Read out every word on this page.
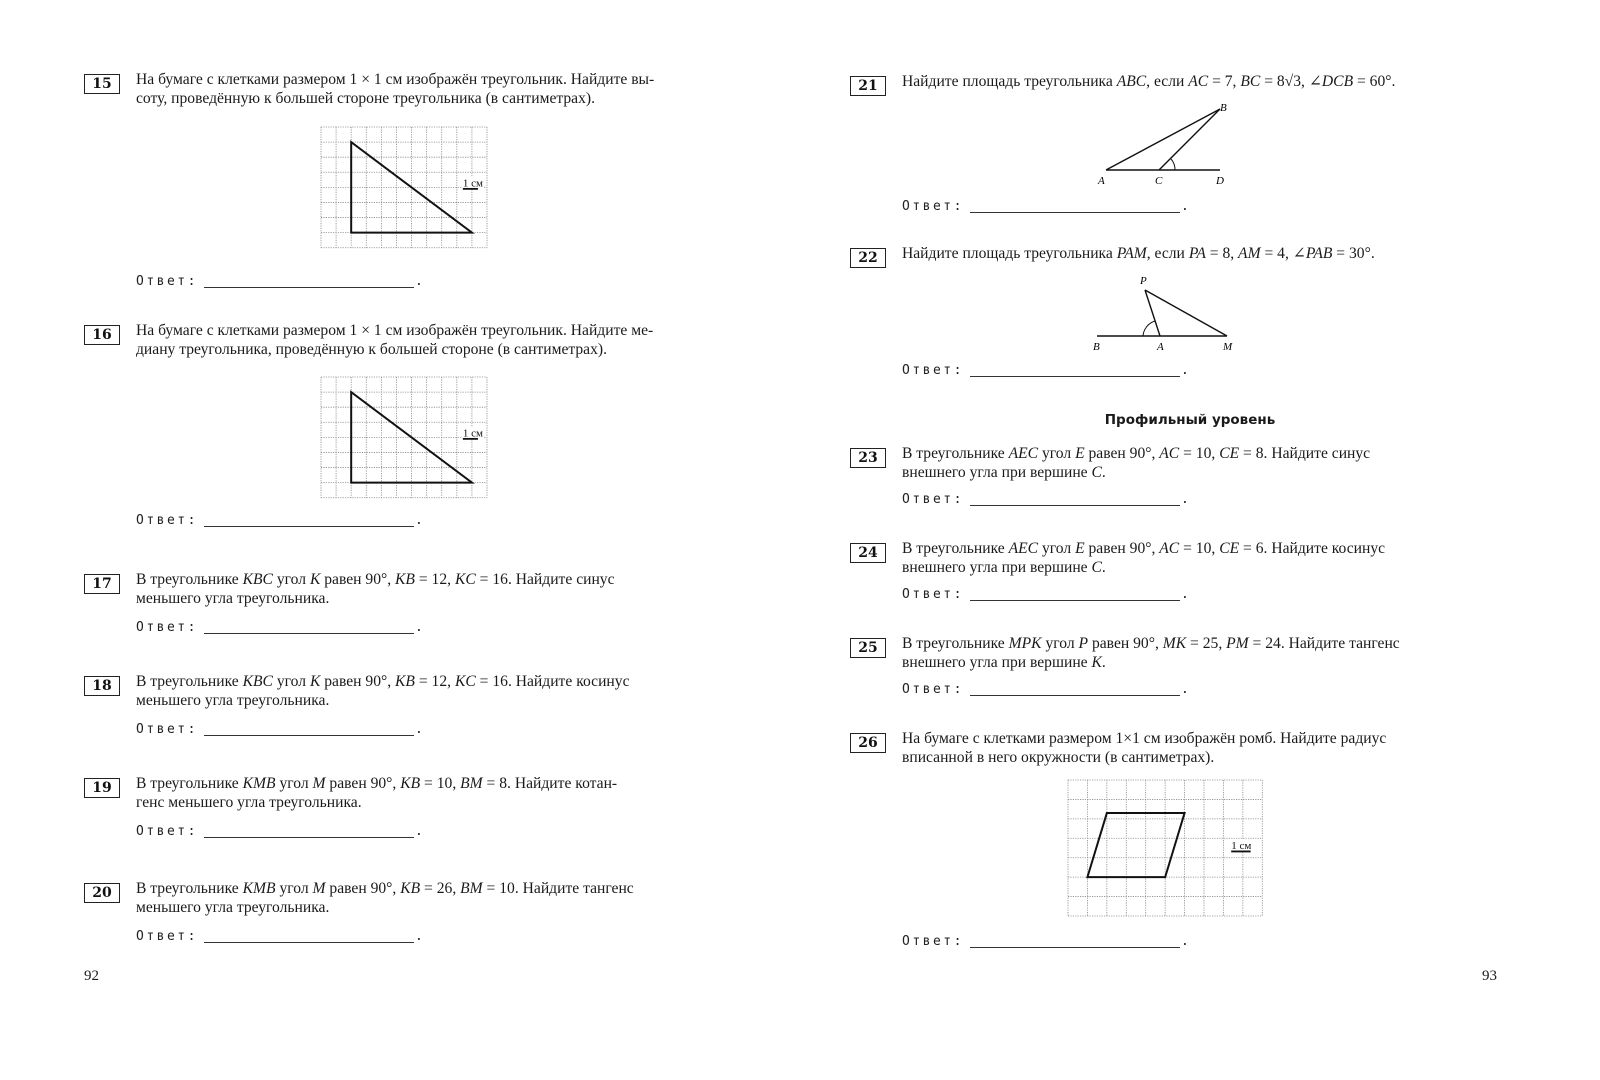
15	На бумаге с клетками размером 1 × 1 см изображён треугольник. Найдите вы-
соту, проведённую к большей стороне треугольника (в сантиметрах).
1 см
Ответ:	.
16	На бумаге с клетками размером 1 × 1 см изображён треугольник. Найдите ме-
диану треугольника, проведённую к большей стороне (в сантиметрах).
1 см
Ответ:	.
17	В треугольнике KBC угол K равен 90°, KB = 12, KC = 16. Найдите синус
меньшего угла треугольника.
Ответ:	.
18	В треугольнике KBC угол K равен 90°, KB = 12, KC = 16. Найдите косинус
меньшего угла треугольника.
Ответ:	.
19	В треугольнике KMB угол M равен 90°, KB = 10, BM = 8. Найдите котан-
генс меньшего угла треугольника.
Ответ:	.
20	В треугольнике KMB угол M равен 90°, KB = 26, BM = 10. Найдите тангенс
меньшего угла треугольника.
Ответ:	.
92
21	Найдите площадь треугольника ABC, если AC = 7, BC = 8√3, ∠DCB = 60°.
A	C	D
B
Ответ:	.
22	Найдите площадь треугольника PAM, если PA = 8, AM = 4, ∠PAB = 30°.
P
B	A	M
Ответ:	.
Профильный уровень
23	В треугольнике AEC угол E равен 90°, AC = 10, CE = 8. Найдите синус
внешнего угла при вершине C.
Ответ:	.
24	В треугольнике AEC угол E равен 90°, AC = 10, CE = 6. Найдите косинус
внешнего угла при вершине C.
Ответ:	.
25	В треугольнике MPK угол P равен 90°, MK = 25, PM = 24. Найдите тангенс
внешнего угла при вершине K.
Ответ:	.
26	На бумаге с клетками размером 1×1 см изображён ромб. Найдите радиус
вписанной в него окружности (в сантиметрах).
1 см
Ответ:	.
93
